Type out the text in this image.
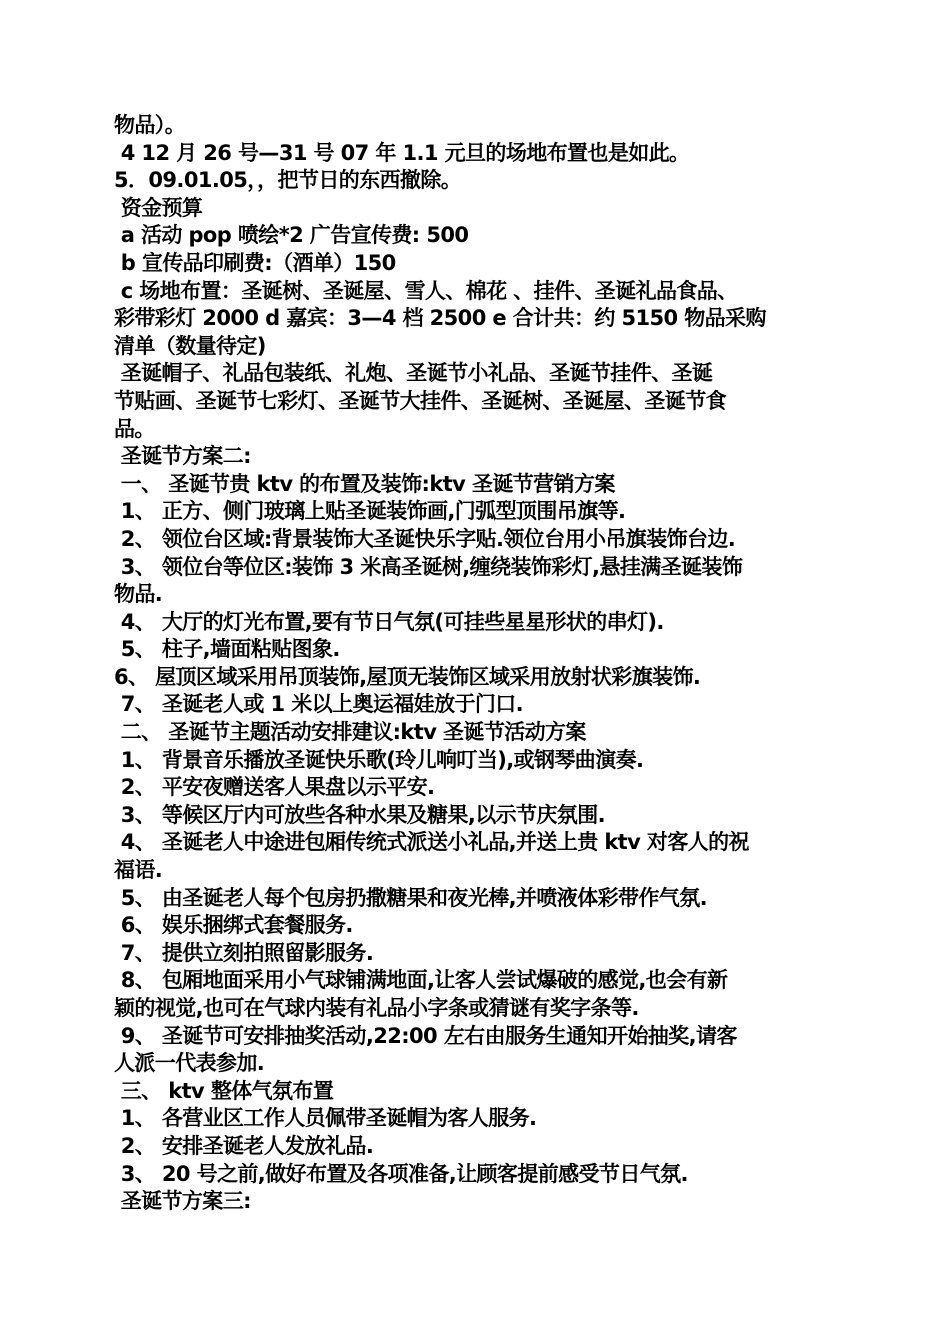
物品）。
4 12 月 26 号—31 号 07 年 1.1 元旦的场地布置也是如此。
5．09.01.05，，把节日的东西撤除。
资金预算
a 活动 pop 喷绘*2 广告宣传费: 500
b 宣传品印刷费:（酒单）150
c 场地布置：圣诞树、圣诞屋、雪人、棉花 、挂件、圣诞礼品食品、
彩带彩灯 2000 d 嘉宾：3—4 档 2500 e 合计共：约 5150 物品采购
清单（数量待定)
圣诞帽子、礼品包装纸、礼炮、圣诞节小礼品、圣诞节挂件、圣诞
节贴画、圣诞节七彩灯、圣诞节大挂件、圣诞树、圣诞屋、圣诞节食
品。
圣诞节方案二:
一、 圣诞节贵 ktv 的布置及装饰:ktv 圣诞节营销方案
1、 正方、侧门玻璃上贴圣诞装饰画,门弧型顶围吊旗等.
2、 领位台区域:背景装饰大圣诞快乐字贴.领位台用小吊旗装饰台边.
3、 领位台等位区:装饰 3 米高圣诞树,缠绕装饰彩灯,悬挂满圣诞装饰
物品.
4、 大厅的灯光布置,要有节日气氛(可挂些星星形状的串灯).
5、 柱子,墙面粘贴图象.
6、 屋顶区域采用吊顶装饰,屋顶无装饰区域采用放射状彩旗装饰.
7、 圣诞老人或 1 米以上奥运福娃放于门口.
二、 圣诞节主题活动安排建议:ktv 圣诞节活动方案
1、 背景音乐播放圣诞快乐歌(玲儿响叮当),或钢琴曲演奏.
2、 平安夜赠送客人果盘以示平安.
3、 等候区厅内可放些各种水果及糖果,以示节庆氛围.
4、 圣诞老人中途进包厢传统式派送小礼品,并送上贵 ktv 对客人的祝
福语.
5、 由圣诞老人每个包房扔撒糖果和夜光棒,并喷液体彩带作气氛.
6、 娱乐捆绑式套餐服务.
7、 提供立刻拍照留影服务.
8、 包厢地面采用小气球铺满地面,让客人尝试爆破的感觉,也会有新
颖的视觉,也可在气球内装有礼品小字条或猜谜有奖字条等.
9、 圣诞节可安排抽奖活动,22:00 左右由服务生通知开始抽奖,请客
人派一代表参加.
三、 ktv 整体气氛布置
1、 各营业区工作人员佩带圣诞帽为客人服务.
2、 安排圣诞老人发放礼品.
3、 20 号之前,做好布置及各项准备,让顾客提前感受节日气氛.
圣诞节方案三:
